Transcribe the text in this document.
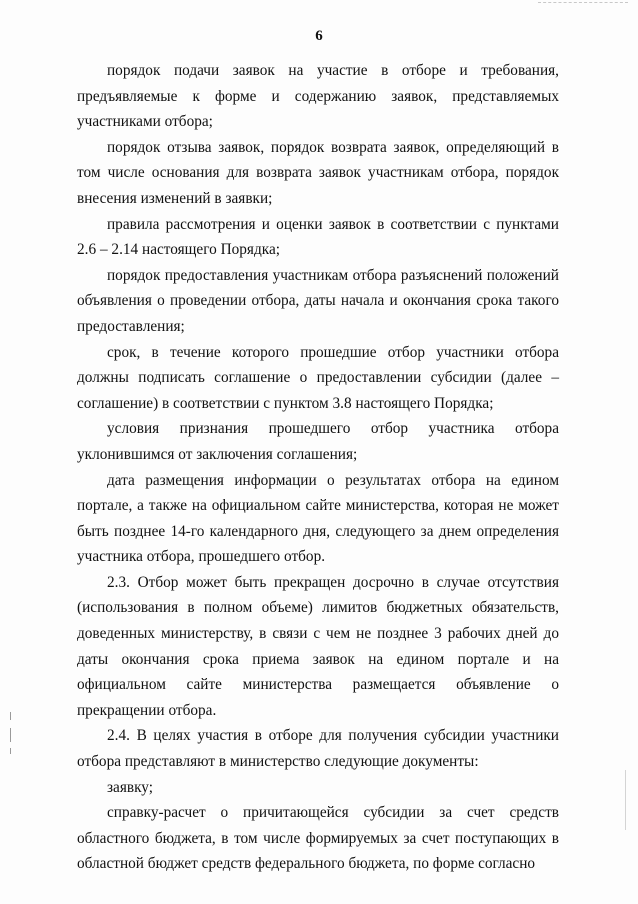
6

порядок подачи заявок на участие в отборе и требования, предъявляемые к форме и содержанию заявок, представляемых участниками отбора;

порядок отзыва заявок, порядок возврата заявок, определяющий в том числе основания для возврата заявок участникам отбора, порядок внесения изменений в заявки;

правила рассмотрения и оценки заявок в соответствии с пунктами 2.6 – 2.14 настоящего Порядка;

порядок предоставления участникам отбора разъяснений положений объявления о проведении отбора, даты начала и окончания срока такого предоставления;

срок, в течение которого прошедшие отбор участники отбора должны подписать соглашение о предоставлении субсидии (далее – соглашение) в соответствии с пунктом 3.8 настоящего Порядка;

условия признания прошедшего отбор участника отбора уклонившимся от заключения соглашения;

дата размещения информации о результатах отбора на едином портале, а также на официальном сайте министерства, которая не может быть позднее 14-го календарного дня, следующего за днем определения участника отбора, прошедшего отбор.

2.3. Отбор может быть прекращен досрочно в случае отсутствия (использования в полном объеме) лимитов бюджетных обязательств, доведенных министерству, в связи с чем не позднее 3 рабочих дней до даты окончания срока приема заявок на едином портале и на официальном сайте министерства размещается объявление о прекращении отбора.

2.4. В целях участия в отборе для получения субсидии участники отбора представляют в министерство следующие документы:

заявку;

справку-расчет о причитающейся субсидии за счет средств областного бюджета, в том числе формируемых за счет поступающих в областной бюджет средств федерального бюджета, по форме согласно
